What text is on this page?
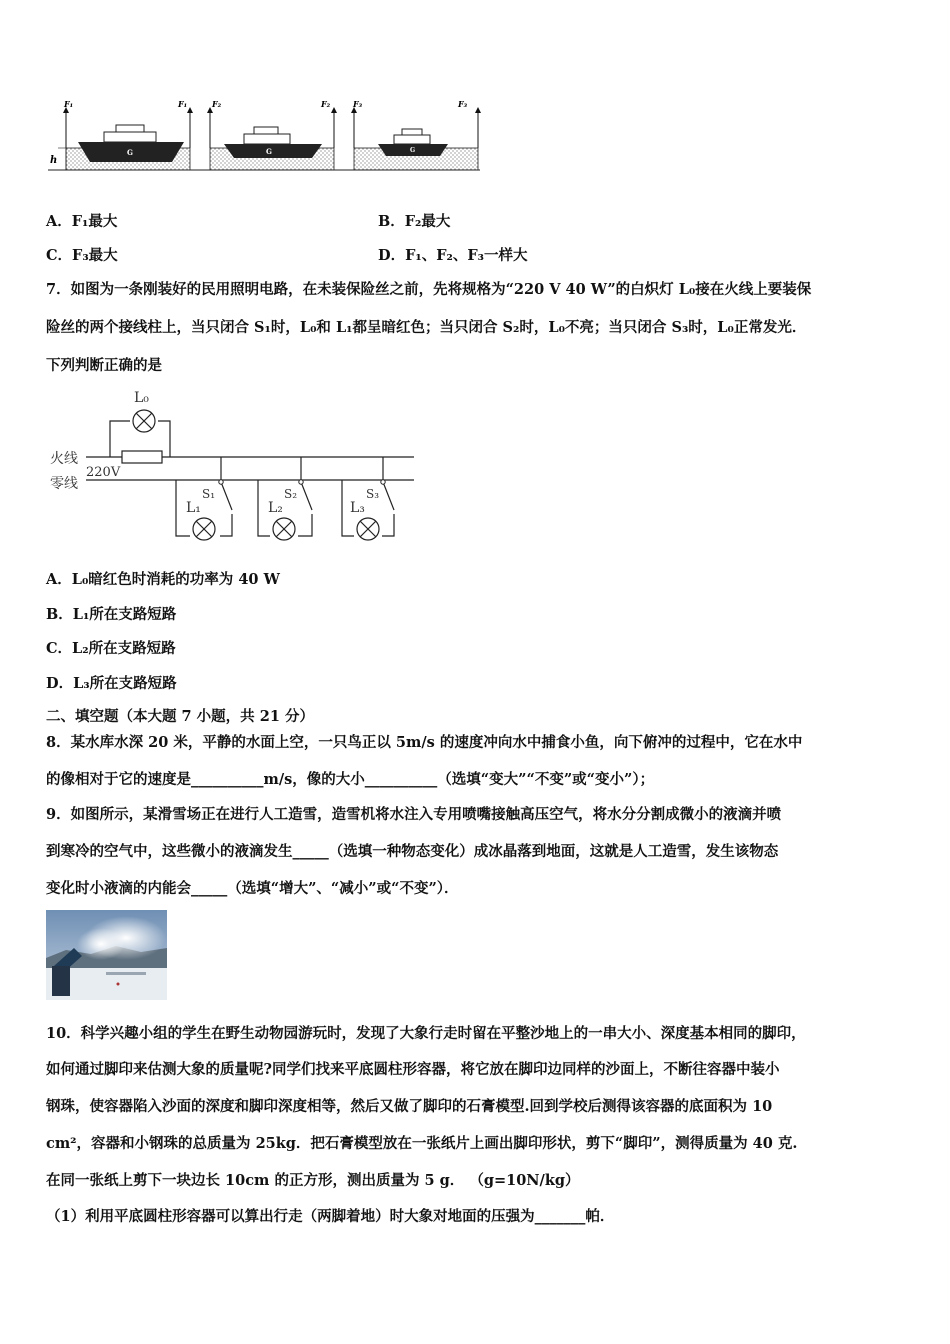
h
G	G	G
F₁	F₁	F₂	F₂	F₃	F₃
A．F₁最大	B．F₂最大
C．F₃最大	D．F₁、F₂、F₃一样大
7．如图为一条刚装好的民用照明电路，在未装保险丝之前，先将规格为“220 V 40 W”的白炽灯 L₀接在火线上要装保
险丝的两个接线柱上，当只闭合 S₁时，L₀和 L₁都呈暗红色；当只闭合 S₂时，L₀不亮；当只闭合 S₃时，L₀正常发光．
下列判断正确的是
L₀
火线
零线
220V
S₁	S₂	S₃
L₁	L₂	L₃
A．L₀暗红色时消耗的功率为 40 W
B．L₁所在支路短路
C．L₂所在支路短路
D．L₃所在支路短路
二、填空题（本大题 7 小题，共 21 分）
8．某水库水深 20 米，平静的水面上空，一只鸟正以 5m/s 的速度冲向水中捕食小鱼，向下俯冲的过程中，它在水中
的像相对于它的速度是__________m/s，像的大小__________（选填“变大”“不变”或“变小”）；
9．如图所示，某滑雪场正在进行人工造雪，造雪机将水注入专用喷嘴接触高压空气，将水分分割成微小的液滴并喷
到寒冷的空气中，这些微小的液滴发生_____（选填一种物态变化）成冰晶落到地面，这就是人工造雪，发生该物态
变化时小液滴的内能会_____（选填“增大”、“减小”或“不变”）．
10．科学兴趣小组的学生在野生动物园游玩时，发现了大象行走时留在平整沙地上的一串大小、深度基本相同的脚印，
如何通过脚印来估测大象的质量呢?同学们找来平底圆柱形容器，将它放在脚印边同样的沙面上，不断往容器中装小
钢珠，使容器陷入沙面的深度和脚印深度相等，然后又做了脚印的石膏模型.回到学校后测得该容器的底面积为 10
cm²，容器和小钢珠的总质量为 25kg．把石膏模型放在一张纸片上画出脚印形状，剪下“脚印”，测得质量为 40 克.
在同一张纸上剪下一块边长 10cm 的正方形，测出质量为 5 g． （g=10N/kg）
（1）利用平底圆柱形容器可以算出行走（两脚着地）时大象对地面的压强为_______帕．
